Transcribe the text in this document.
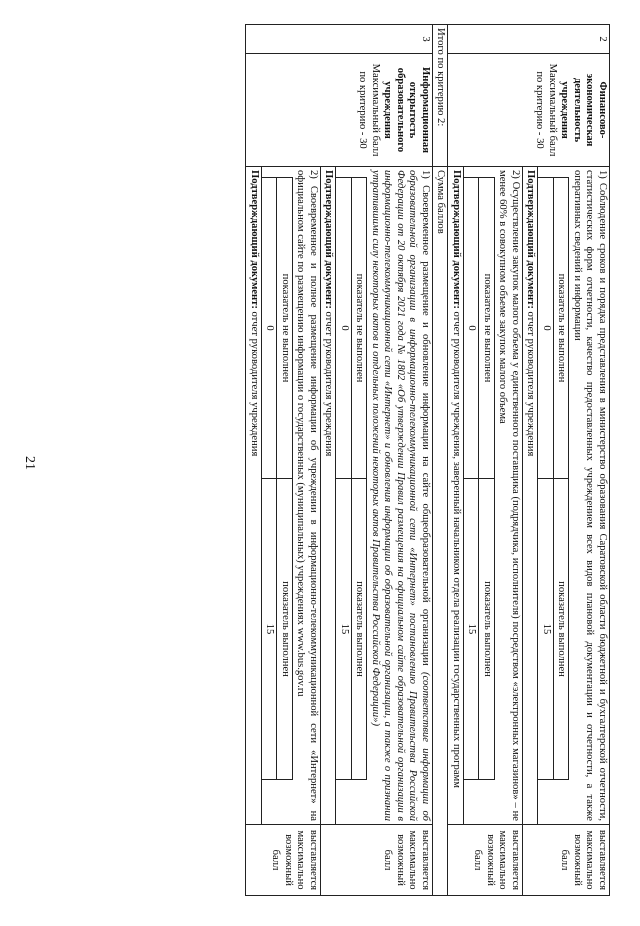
21
2	
Финансово-экономическая деятельность учреждения
Максимальный балл по критерию - 30	
1) Соблюдение сроков и порядка представления в министерство образования Саратовской области бюджетной и бухгалтерской отчетности, статистических форм отчетности, качество предоставленных учреждением всех видов плановой документации и отчетности, а также оперативных сведений и информации
показатель не выполнен	показатель выполнен
0	15
Подтверждающий документ: отчет руководителя учреждения
	выставляется максимально возможный балл

2) Осуществление закупок малого объема у единственного поставщика (подрядчика, исполнителя) посредством «электронных магазинов» – не менее 60% в совокупном объеме закупок малого объема
показатель не выполнен	показатель выполнен
0	15
Подтверждающий документ: отчет руководителя учреждения, заверенный начальником отдела реализации государственных программ
	выставляется максимально возможный балл
Итого по критерию 2:	Сумма баллов
3	
Информационная открытость образовательного учреждения
Максимальный балл по критерию - 30	
1) Своевременное размещение и обновление информации на сайте общеобразовательной организации (соответствие информации об образовательной организации в информационно-телекоммуникационной сети «Интернет» постановлению Правительства Российской Федерации от 20 октября 2021 года № 1802 «Об утверждении Правил размещения на официальном сайте образовательной организации в информационно-телекоммуникационной сети «Интернет» и обновления информации об образовательной организации, а также о признании утратившими силу некоторых актов и отдельных положений некоторых актов Правительства Российской Федерации»)
показатель не выполнен	показатель выполнен
0	15
Подтверждающий документ: отчет руководителя учреждения
	выставляется максимально возможный балл

2) Своевременное и полное размещение информации об учреждении в информационно-телекоммуникационной сети «Интернет» на официальном сайте по размещению информации о государственных (муниципальных) учреждениях www.bus.gov.ru
показатель не выполнен	показатель выполнен
0	15
Подтверждающий документ: отчет руководителя учреждения
	выставляется максимально возможный балл
